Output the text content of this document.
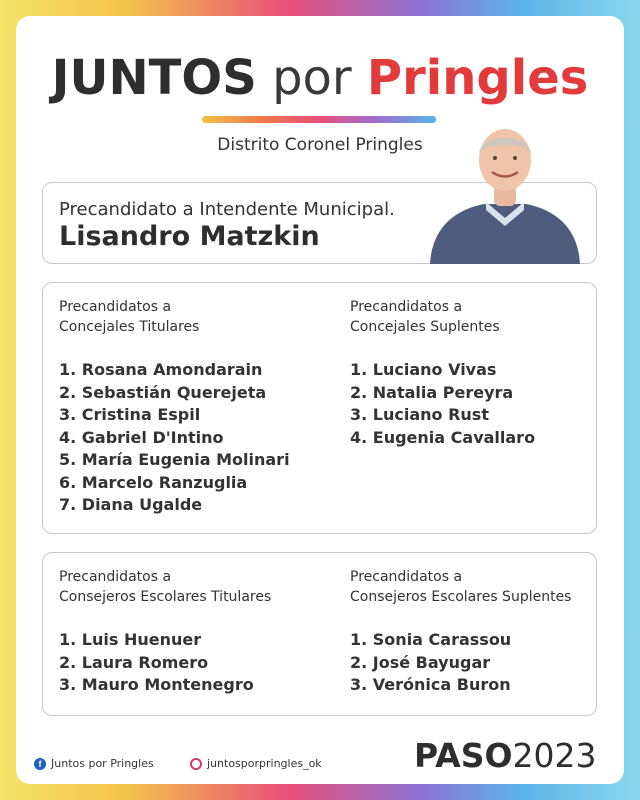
JUNTOS por Pringles
Distrito Coronel Pringles
Precandidato a Intendente Municipal.
Lisandro Matzkin

Precandidatos a

Concejales Titulares

1. Rosana Amondarain
2. Sebastián Querejeta
3. Cristina Espil
4. Gabriel D'Intino
5. María Eugenia Molinari
6. Marcelo Ranzuglia
7. Diana Ugalde

Precandidatos a

Concejales Suplentes

1. Luciano Vivas
2. Natalia Pereyra
3. Luciano Rust
4. Eugenia Cavallaro

Precandidatos a

Consejeros Escolares Titulares

1. Luis Huenuer
2. Laura Romero
3. Mauro Montenegro

Precandidatos a

Consejeros Escolares Suplentes

1. Sonia Carassou
2. José Bayugar
3. Verónica Buron
f Juntos por Pringles	juntosporpringles_ok	PASO2023
